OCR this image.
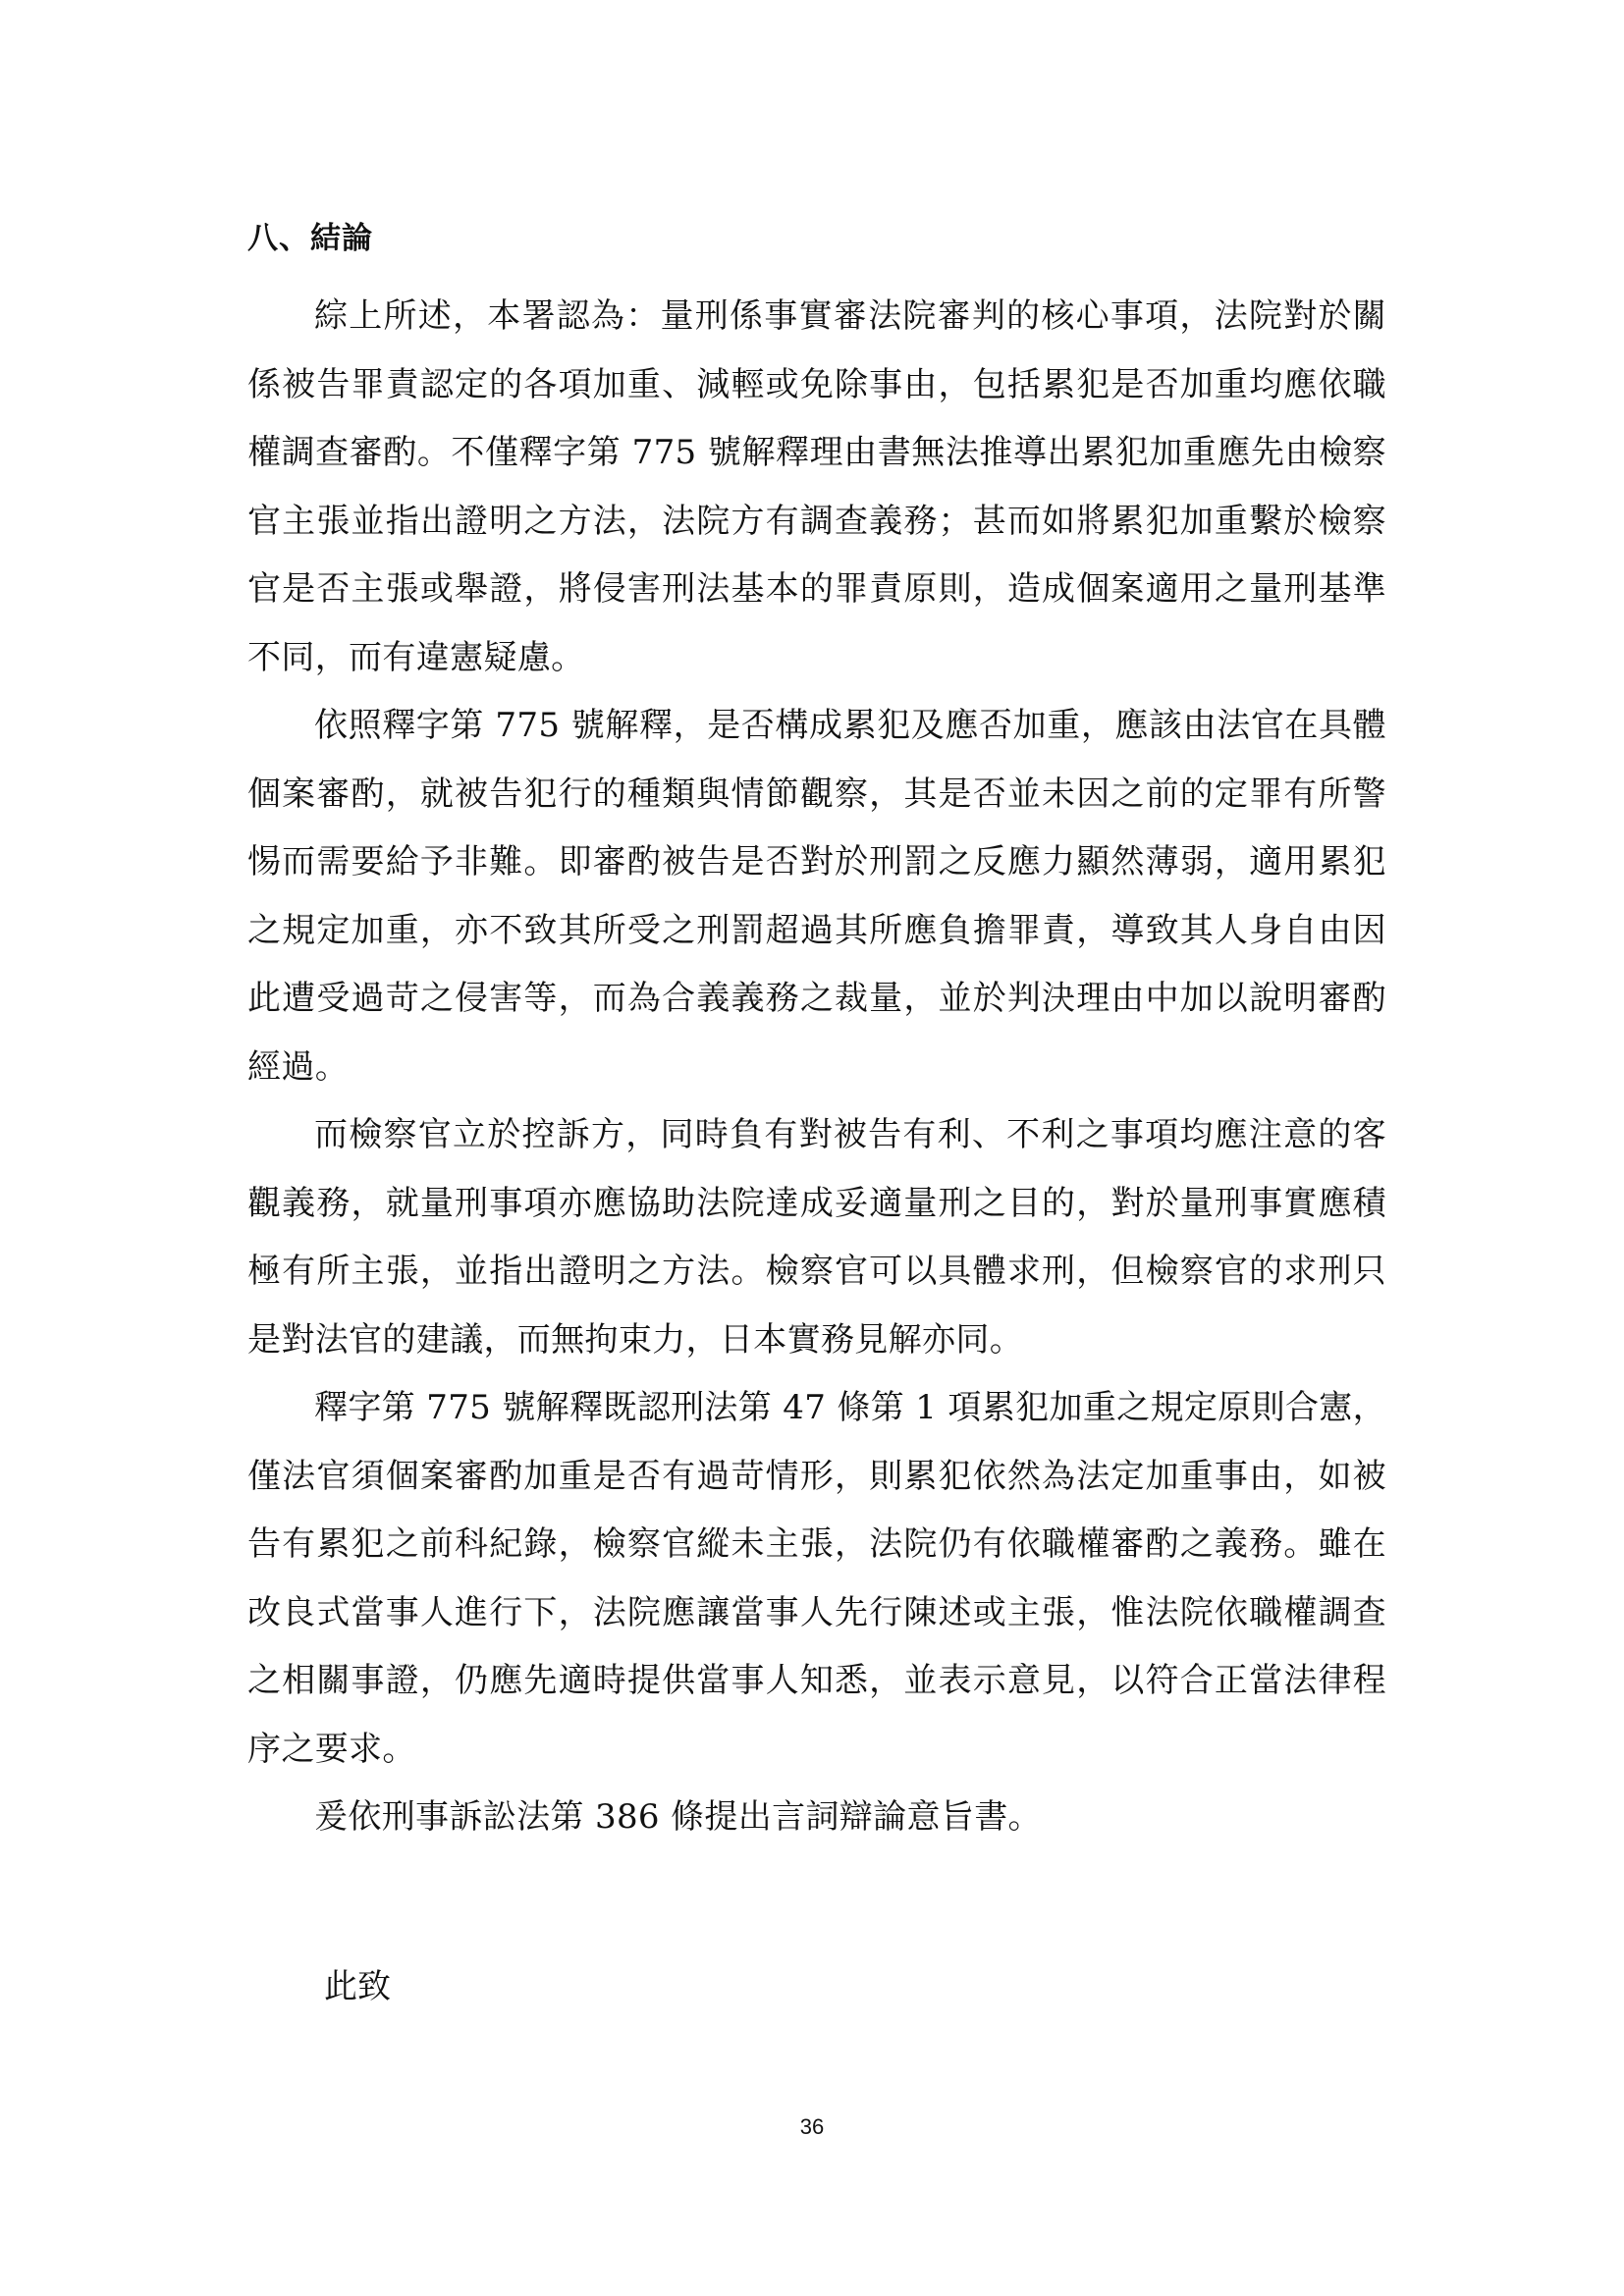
八、結論

綜上所述，本署認為：量刑係事實審法院審判的核心事項，法院對於關係被告罪責認定的各項加重、減輕或免除事由，包括累犯是否加重均應依職權調查審酌。不僅釋字第 775 號解釋理由書無法推導出累犯加重應先由檢察官主張並指出證明之方法，法院方有調查義務；甚而如將累犯加重繫於檢察官是否主張或舉證，將侵害刑法基本的罪責原則，造成個案適用之量刑基準不同，而有違憲疑慮。

依照釋字第 775 號解釋，是否構成累犯及應否加重，應該由法官在具體個案審酌，就被告犯行的種類與情節觀察，其是否並未因之前的定罪有所警惕而需要給予非難。即審酌被告是否對於刑罰之反應力顯然薄弱，適用累犯之規定加重，亦不致其所受之刑罰超過其所應負擔罪責，導致其人身自由因此遭受過苛之侵害等，而為合義義務之裁量，並於判決理由中加以說明審酌經過。

而檢察官立於控訴方，同時負有對被告有利、不利之事項均應注意的客觀義務，就量刑事項亦應協助法院達成妥適量刑之目的，對於量刑事實應積極有所主張，並指出證明之方法。檢察官可以具體求刑，但檢察官的求刑只是對法官的建議，而無拘束力，日本實務見解亦同。

釋字第 775 號解釋既認刑法第 47 條第 1 項累犯加重之規定原則合憲，僅法官須個案審酌加重是否有過苛情形，則累犯依然為法定加重事由，如被告有累犯之前科紀錄，檢察官縱未主張，法院仍有依職權審酌之義務。雖在改良式當事人進行下，法院應讓當事人先行陳述或主張，惟法院依職權調查之相關事證，仍應先適時提供當事人知悉，並表示意見，以符合正當法律程序之要求。

爰依刑事訴訟法第 386 條提出言詞辯論意旨書。

此致
36
